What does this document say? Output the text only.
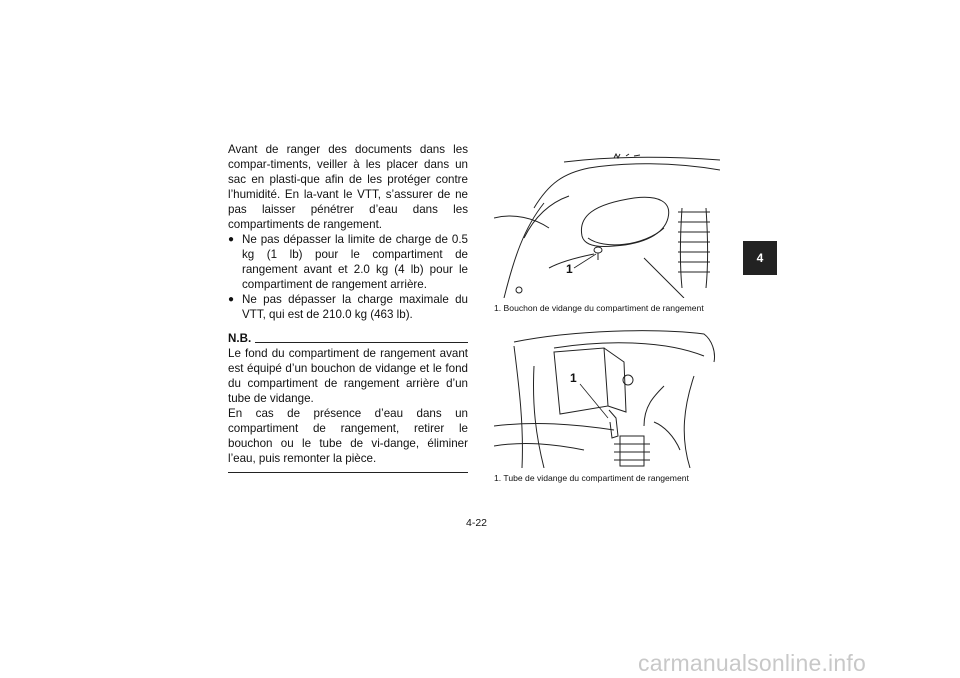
Avant de ranger des documents dans les compar-timents, veiller à les placer dans un sac en plasti-que afin de les protéger contre l’humidité. En la-vant le VTT, s’assurer de ne pas laisser pénétrer d’eau dans les compartiments de rangement.

● Ne pas dépasser la limite de charge de 0.5 kg (1 lb) pour le compartiment de rangement avant et 2.0 kg (4 lb) pour le compartiment de rangement arrière.
● Ne pas dépasser la charge maximale du VTT, qui est de 210.0 kg (463 lb).
N.B.

Le fond du compartiment de rangement avant est équipé d’un bouchon de vidange et le fond du compartiment de rangement arrière d’un tube de vidange.

En cas de présence d’eau dans un compartiment de rangement, retirer le bouchon ou le tube de vi-dange, éliminer l’eau, puis remonter la pièce.

1
1. Bouchon de vidange du compartiment de rangement
1
1. Tube de vidange du compartiment de rangement
4
4-22
carmanualsonline.info
